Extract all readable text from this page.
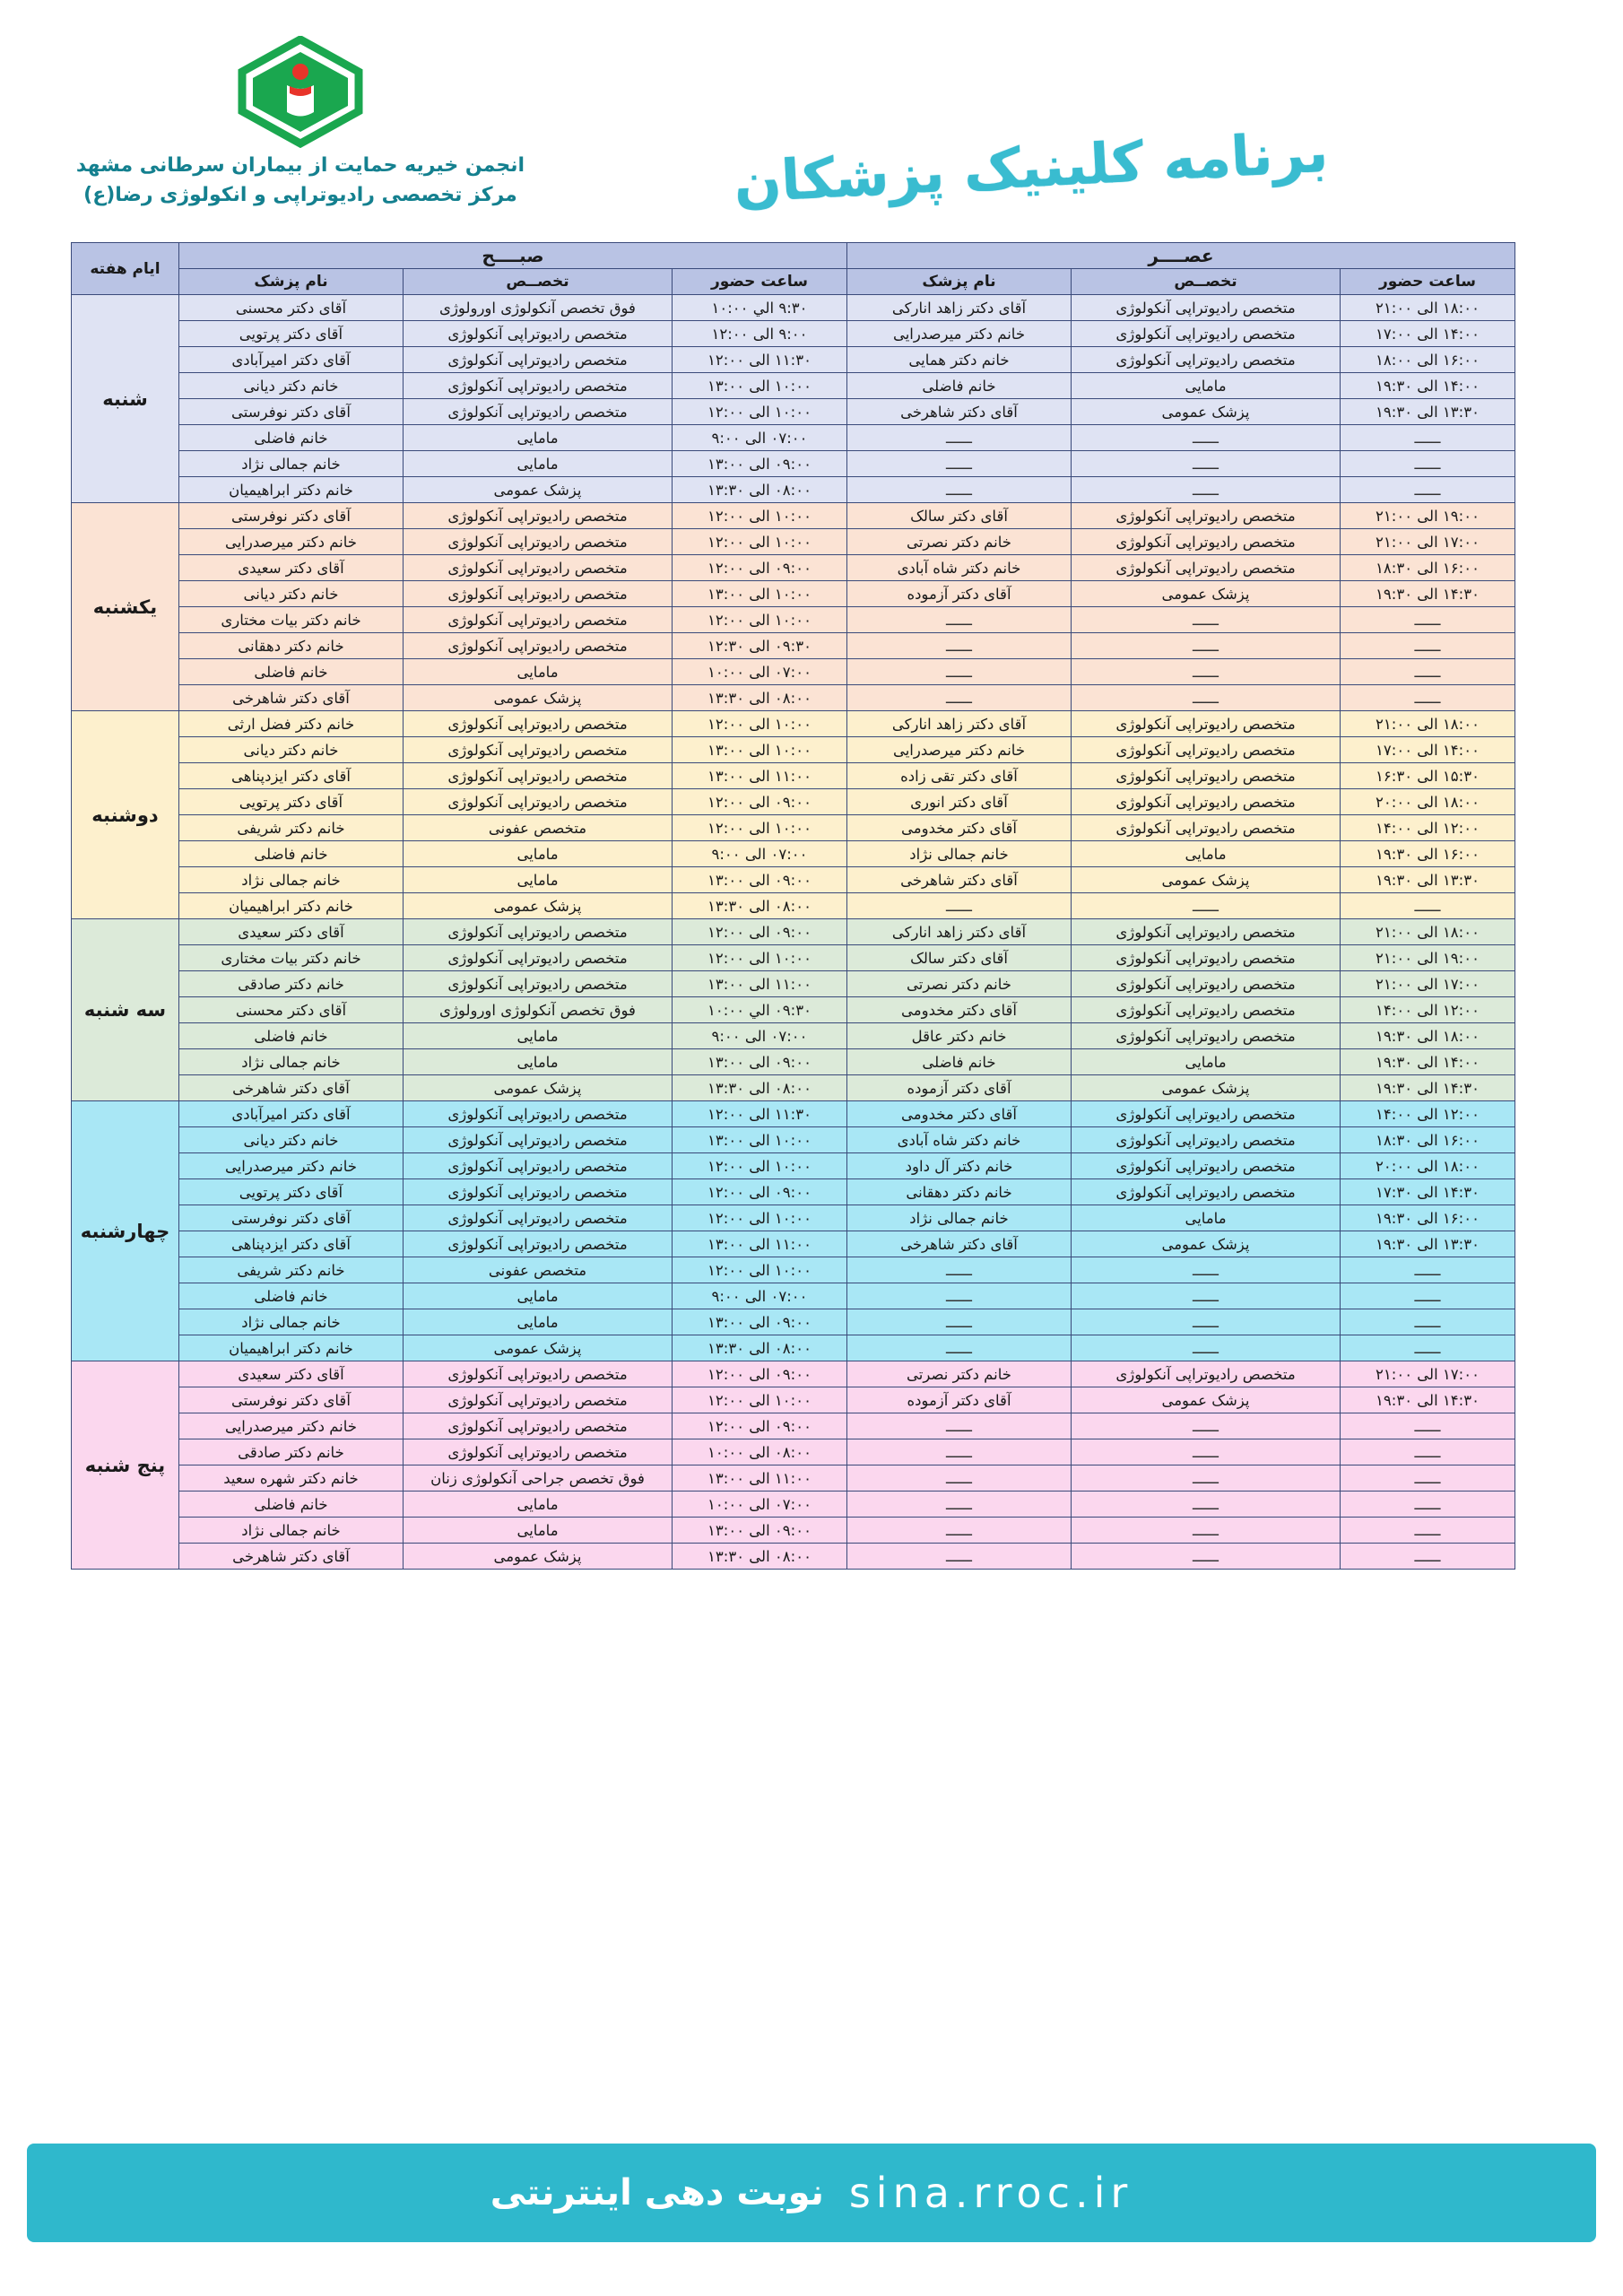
انجمن خیریه حمایت از بیماران سرطانی مشهد
مرکز تخصصی رادیوتراپی و انکولوژی رضا(ع)	برنامه کلینیک پزشکان
عصــــر			صبــــح			ایام هفته
ساعت حضور	تخصــص	نام پزشک	ساعت حضور	تخصــص	نام پزشک	
۱۸:۰۰ الی ۲۱:۰۰	متخصص رادیوتراپی آنكولوژی	آقای دکتر زاهد اناركی	۹:۳۰ الي ۱۰:۰۰	فوق تخصص آنکولوژی اورولوژی	آقای دکتر محسنی	شنبه
۱۴:۰۰ الی ۱۷:۰۰	متخصص رادیوتراپی آنكولوژی	خانم دکتر میرصدرایی	۹:۰۰ الی ۱۲:۰۰	متخصص رادیوتراپی آنكولوژی	آقای دکتر پرتویی	
۱۶:۰۰ الی ۱۸:۰۰	متخصص رادیوتراپی آنكولوژی	خانم دکتر همایی	۱۱:۳۰ الی ۱۲:۰۰	متخصص رادیوتراپی آنكولوژی	آقای دکتر امیرآبادی	
۱۴:۰۰ الی ۱۹:۳۰	مامایی	خانم فاضلی	۱۰:۰۰ الی ۱۳:۰۰	متخصص رادیوتراپی آنكولوژی	خانم دکتر دیانی	
۱۳:۳۰ الی ۱۹:۳۰	پزشک عمومی	آقای دکتر شاهرخی	۱۰:۰۰ الی ۱۲:۰۰	متخصص رادیوتراپی آنكولوژی	آقای دکتر نوفرستی	
ــــــ	ــــــ	ــــــ	۰۷:۰۰ الی ۹:۰۰	مامایی	خانم فاضلی	
ــــــ	ــــــ	ــــــ	۰۹:۰۰ الی ۱۳:۰۰	مامایی	خانم جمالی نژاد	
ــــــ	ــــــ	ــــــ	۰۸:۰۰ الی ۱۳:۳۰	پزشک عمومی	خانم دکتر ابراهیمیان	
۱۹:۰۰ الی ۲۱:۰۰	متخصص رادیوتراپی آنكولوژی	آقای دکتر سالک	۱۰:۰۰ الی ۱۲:۰۰	متخصص رادیوتراپی آنكولوژی	آقای دکتر نوفرستی	یکشنبه
۱۷:۰۰ الی ۲۱:۰۰	متخصص رادیوتراپی آنكولوژی	خانم دکتر نصرتی	۱۰:۰۰ الی ۱۲:۰۰	متخصص رادیوتراپی آنكولوژی	خانم دکتر میرصدرایی	
۱۶:۰۰ الی ۱۸:۳۰	متخصص رادیوتراپی آنكولوژی	خانم دکتر شاه آبادی	۰۹:۰۰ الی ۱۲:۰۰	متخصص رادیوتراپی آنكولوژی	آقای دکتر سعیدی	
۱۴:۳۰ الی ۱۹:۳۰	پزشک عمومی	آقای دکتر آزموده	۱۰:۰۰ الی ۱۳:۰۰	متخصص رادیوتراپی آنكولوژی	خانم دکتر دیانی	
ــــــ	ــــــ	ــــــ	۱۰:۰۰ الی ۱۲:۰۰	متخصص رادیوتراپی آنكولوژی	خانم دکتر بیات مختاری	
ــــــ	ــــــ	ــــــ	۰۹:۳۰ الی ۱۲:۳۰	متخصص رادیوتراپی آنكولوژی	خانم دکتر دهقانی	
ــــــ	ــــــ	ــــــ	۰۷:۰۰ الی ۱۰:۰۰	مامایی	خانم فاضلی	
ــــــ	ــــــ	ــــــ	۰۸:۰۰ الی ۱۳:۳۰	پزشک عمومی	آقای دکتر شاهرخی	
۱۸:۰۰ الی ۲۱:۰۰	متخصص رادیوتراپی آنكولوژی	آقای دکتر زاهد اناركی	۱۰:۰۰ الی ۱۲:۰۰	متخصص رادیوتراپی آنكولوژی	خانم دکتر فضل ارثی	دوشنبه
۱۴:۰۰ الی ۱۷:۰۰	متخصص رادیوتراپی آنكولوژی	خانم دکتر میرصدرایی	۱۰:۰۰ الی ۱۳:۰۰	متخصص رادیوتراپی آنكولوژی	خانم دکتر دیانی	
۱۵:۳۰ الی ۱۶:۳۰	متخصص رادیوتراپی آنكولوژی	آقای دکتر تقی زاده	۱۱:۰۰ الی ۱۳:۰۰	متخصص رادیوتراپی آنكولوژی	آقای دکتر ایزدپناهی	
۱۸:۰۰ الی ۲۰:۰۰	متخصص رادیوتراپی آنكولوژی	آقای دکتر انوری	۰۹:۰۰ الی ۱۲:۰۰	متخصص رادیوتراپی آنكولوژی	آقای دکتر پرتویی	
۱۲:۰۰ الی ۱۴:۰۰	متخصص رادیوتراپی آنكولوژی	آقای دکتر مخدومی	۱۰:۰۰ الی ۱۲:۰۰	متخصص عفونی	خانم دکتر شریفی	
۱۶:۰۰ الی ۱۹:۳۰	مامایی	خانم جمالی نژاد	۰۷:۰۰ الی ۹:۰۰	مامایی	خانم فاضلی	
۱۳:۳۰ الی ۱۹:۳۰	پزشک عمومی	آقای دکتر شاهرخی	۰۹:۰۰ الی ۱۳:۰۰	مامایی	خانم جمالی نژاد	
ــــــ	ــــــ	ــــــ	۰۸:۰۰ الی ۱۳:۳۰	پزشک عمومی	خانم دکتر ابراهیمیان	
۱۸:۰۰ الی ۲۱:۰۰	متخصص رادیوتراپی آنكولوژی	آقای دکتر زاهد اناركی	۰۹:۰۰ الی ۱۲:۰۰	متخصص رادیوتراپی آنكولوژی	آقای دکتر سعیدی	سه شنبه
۱۹:۰۰ الی ۲۱:۰۰	متخصص رادیوتراپی آنكولوژی	آقای دکتر سالک	۱۰:۰۰ الی ۱۲:۰۰	متخصص رادیوتراپی آنكولوژی	خانم دکتر بیات مختاری	
۱۷:۰۰ الی ۲۱:۰۰	متخصص رادیوتراپی آنكولوژی	خانم دکتر نصرتی	۱۱:۰۰ الی ۱۳:۰۰	متخصص رادیوتراپی آنكولوژی	خانم دکتر صادقی	
۱۲:۰۰ الی ۱۴:۰۰	متخصص رادیوتراپی آنكولوژی	آقای دکتر مخدومی	۰۹:۳۰ الي ۱۰:۰۰	فوق تخصص آنکولوژی اورولوژی	آقای دکتر محسنی	
۱۸:۰۰ الی ۱۹:۳۰	متخصص رادیوتراپی آنكولوژی	خانم دکتر عاقل	۰۷:۰۰ الی ۹:۰۰	مامایی	خانم فاضلی	
۱۴:۰۰ الی ۱۹:۳۰	مامایی	خانم فاضلی	۰۹:۰۰ الی ۱۳:۰۰	مامایی	خانم جمالی نژاد	
۱۴:۳۰ الی ۱۹:۳۰	پزشک عمومی	آقای دکتر آزموده	۰۸:۰۰ الی ۱۳:۳۰	پزشک عمومی	آقای دکتر شاهرخی	
۱۲:۰۰ الی ۱۴:۰۰	متخصص رادیوتراپی آنكولوژی	آقای دکتر مخدومی	۱۱:۳۰ الی ۱۲:۰۰	متخصص رادیوتراپی آنكولوژی	آقای دکتر امیرآبادی	چهارشنبه
۱۶:۰۰ الی ۱۸:۳۰	متخصص رادیوتراپی آنكولوژی	خانم دکتر شاه آبادی	۱۰:۰۰ الی ۱۳:۰۰	متخصص رادیوتراپی آنكولوژی	خانم دکتر دیانی	
۱۸:۰۰ الی ۲۰:۰۰	متخصص رادیوتراپی آنكولوژی	خانم دکتر آل داود	۱۰:۰۰ الی ۱۲:۰۰	متخصص رادیوتراپی آنكولوژی	خانم دکتر میرصدرایی	
۱۴:۳۰ الی ۱۷:۳۰	متخصص رادیوتراپی آنكولوژی	خانم دکتر دهقانی	۰۹:۰۰ الی ۱۲:۰۰	متخصص رادیوتراپی آنكولوژی	آقای دکتر پرتویی	
۱۶:۰۰ الی ۱۹:۳۰	مامایی	خانم جمالی نژاد	۱۰:۰۰ الی ۱۲:۰۰	متخصص رادیوتراپی آنكولوژی	آقای دکتر نوفرستی	
۱۳:۳۰ الی ۱۹:۳۰	پزشک عمومی	آقای دکتر شاهرخی	۱۱:۰۰ الی ۱۳:۰۰	متخصص رادیوتراپی آنكولوژی	آقای دکتر ایزدپناهی	
ــــــ	ــــــ	ــــــ	۱۰:۰۰ الی ۱۲:۰۰	متخصص عفونی	خانم دکتر شریفی	
ــــــ	ــــــ	ــــــ	۰۷:۰۰ الی ۹:۰۰	مامایی	خانم فاضلی	
ــــــ	ــــــ	ــــــ	۰۹:۰۰ الی ۱۳:۰۰	مامایی	خانم جمالی نژاد	
ــــــ	ــــــ	ــــــ	۰۸:۰۰ الی ۱۳:۳۰	پزشک عمومی	خانم دکتر ابراهیمیان	
۱۷:۰۰ الی ۲۱:۰۰	متخصص رادیوتراپی آنكولوژی	خانم دکتر نصرتی	۰۹:۰۰ الی ۱۲:۰۰	متخصص رادیوتراپی آنكولوژی	آقای دکتر سعیدی	پنج شنبه
۱۴:۳۰ الی ۱۹:۳۰	پزشک عمومی	آقای دکتر آزموده	۱۰:۰۰ الی ۱۲:۰۰	متخصص رادیوتراپی آنكولوژی	آقای دکتر نوفرستی	
ــــــ	ــــــ	ــــــ	۰۹:۰۰ الی ۱۲:۰۰	متخصص رادیوتراپی آنكولوژی	خانم دکتر میرصدرایی	
ــــــ	ــــــ	ــــــ	۰۸:۰۰ الی ۱۰:۰۰	متخصص رادیوتراپی آنكولوژی	خانم دکتر صادقی	
ــــــ	ــــــ	ــــــ	۱۱:۰۰ الی ۱۳:۰۰	فوق تخصص جراحی آنکولوژی زنان	خانم دکتر شهره سعید	
ــــــ	ــــــ	ــــــ	۰۷:۰۰ الی ۱۰:۰۰	مامایی	خانم فاضلی	
ــــــ	ــــــ	ــــــ	۰۹:۰۰ الی ۱۳:۰۰	مامایی	خانم جمالی نژاد	
ــــــ	ــــــ	ــــــ	۰۸:۰۰ الی ۱۳:۳۰	پزشک عمومی	آقای دکتر شاهرخی	
sina.rroc.ir
نوبت دهی اینترنتی
